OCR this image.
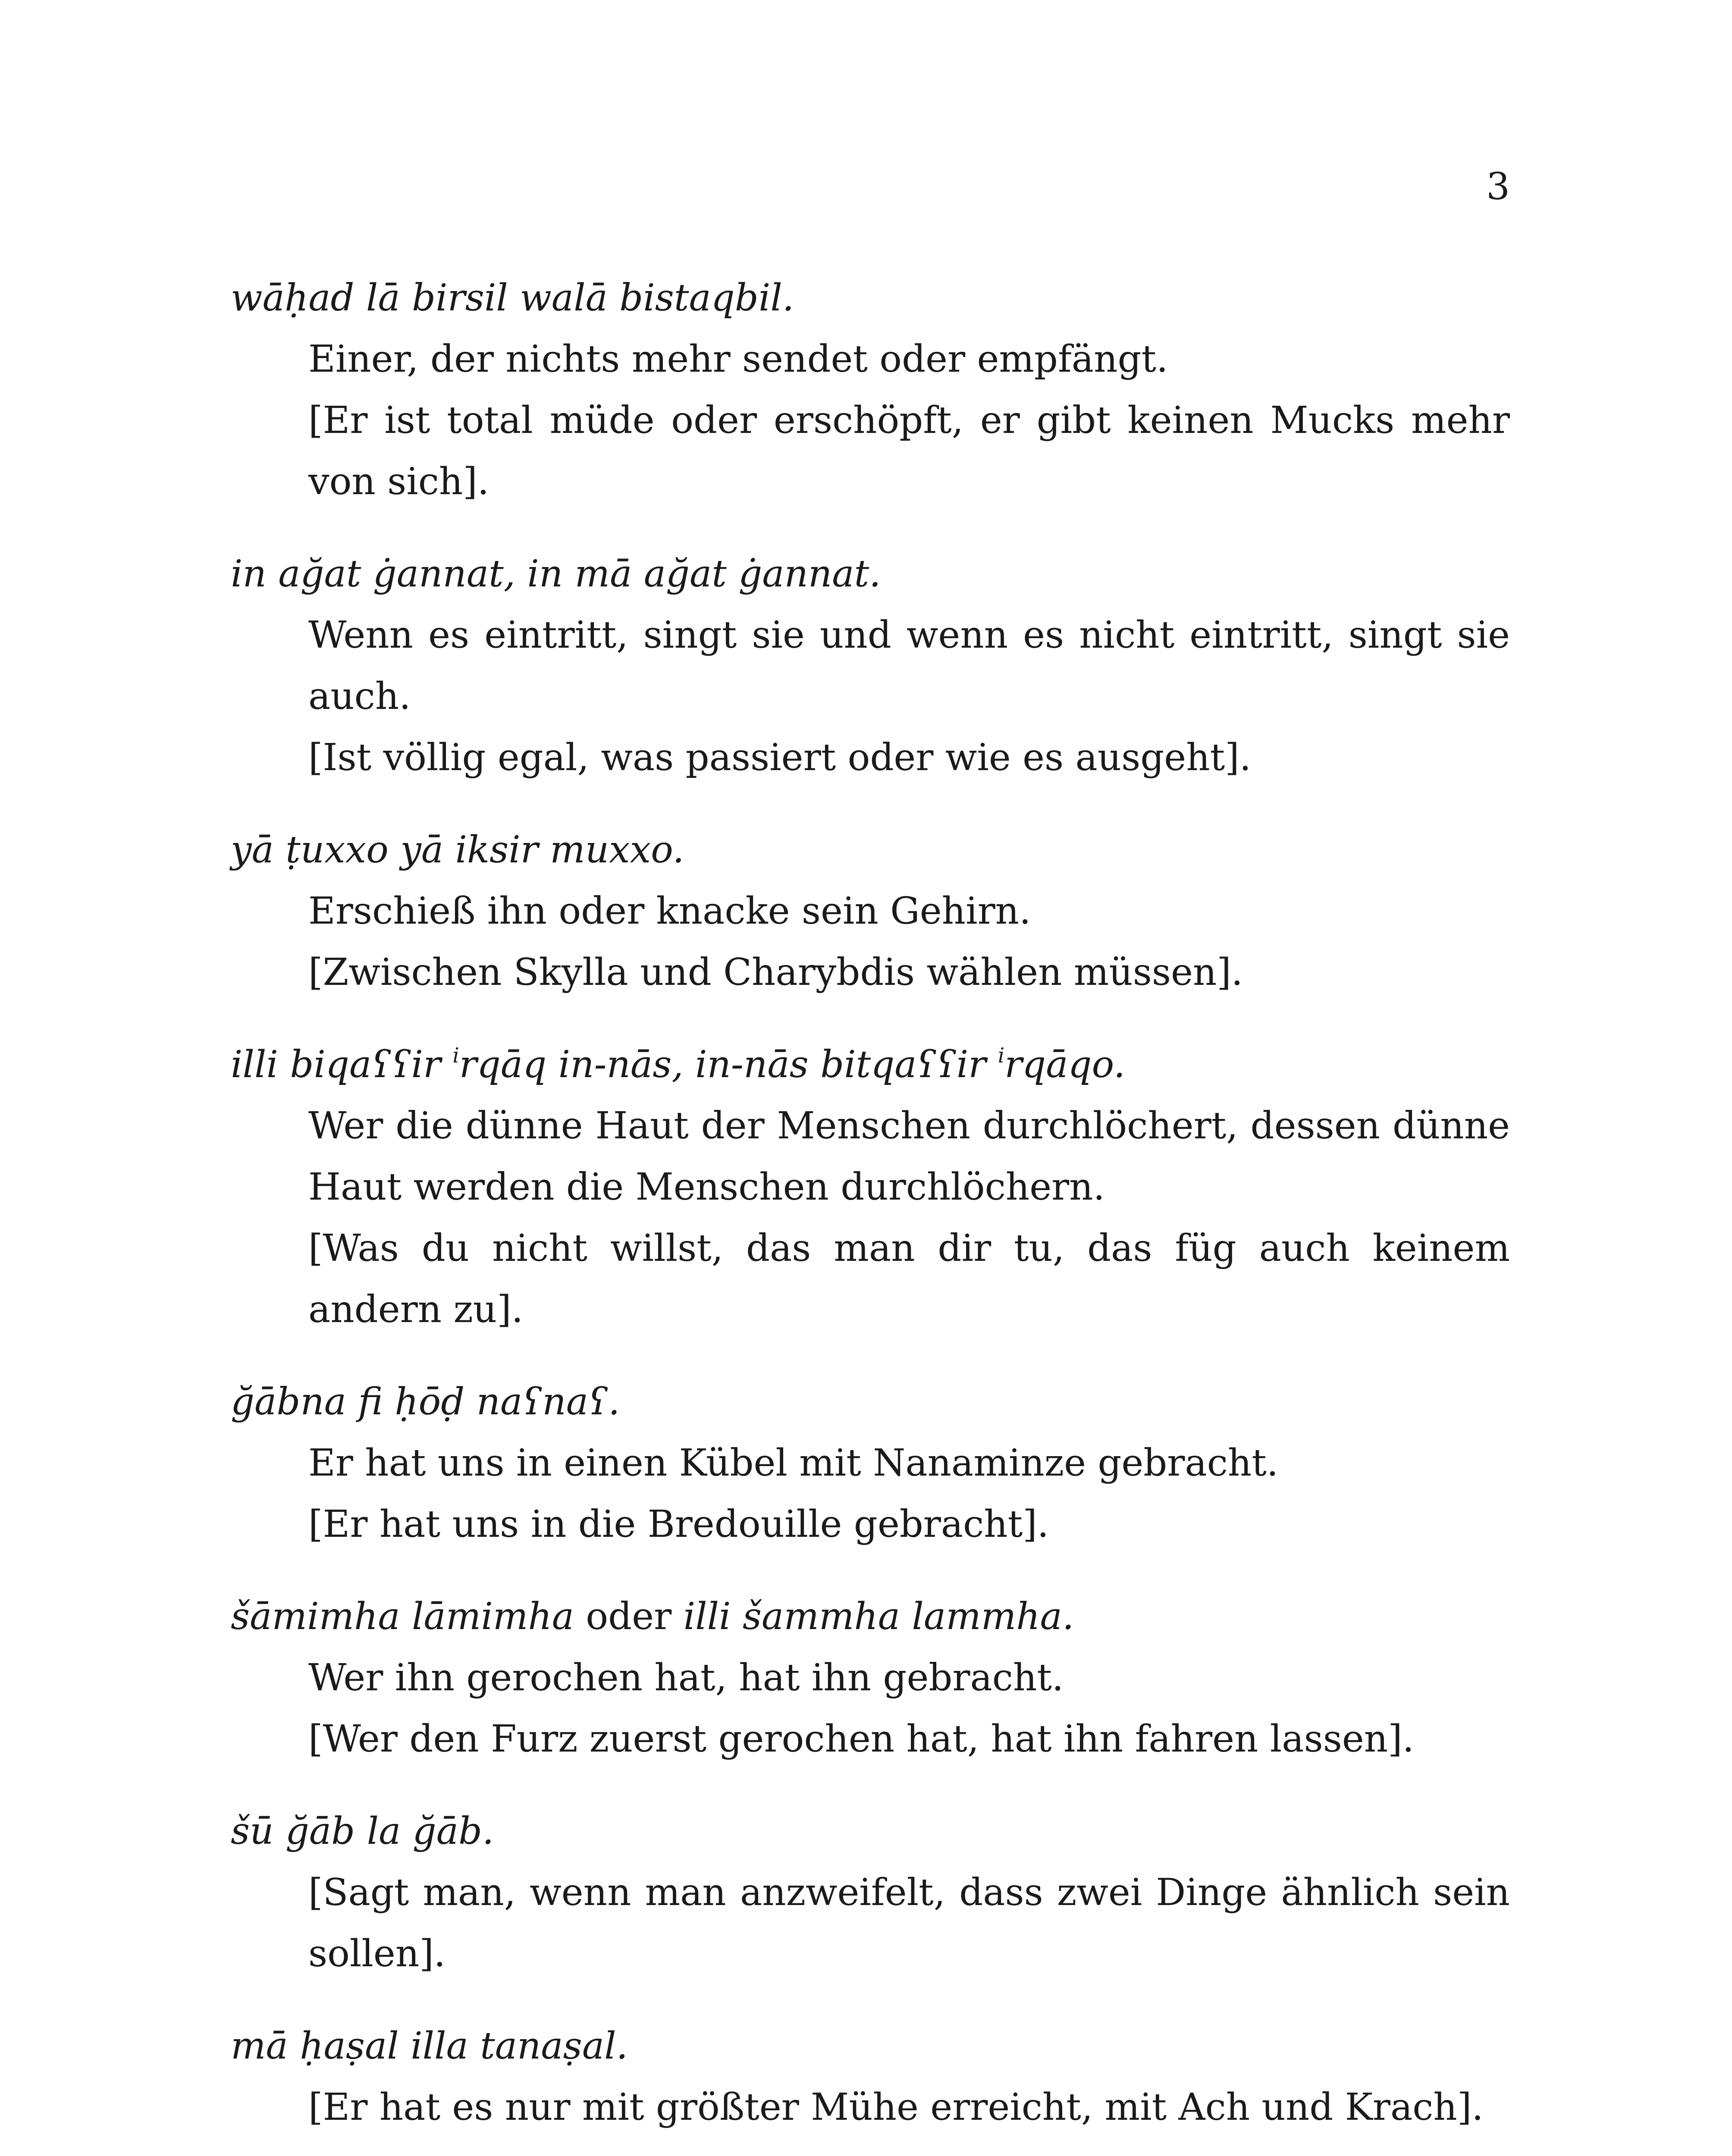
3

wāḥad lā birsil walā bistaqbil.

Einer, der nichts mehr sendet oder empfängt.

[Er ist total müde oder erschöpft, er gibt keinen Mucks mehr von sich].

in ağat ġannat, in mā ağat ġannat.

Wenn es eintritt, singt sie und wenn es nicht eintritt, singt sie auch.

[Ist völlig egal, was passiert oder wie es ausgeht].

yā ṭuxxo yā iksir muxxo.

Erschieß ihn oder knacke sein Gehirn.

[Zwischen Skylla und Charybdis wählen müssen].

illi biqaʕʕir $^i$rqāq in-nās, in-nās bitqaʕʕir $^i$rqāqo.

Wer die dünne Haut der Menschen durchlöchert, dessen dünne Haut werden die Menschen durchlöchern.

[Was du nicht willst, das man dir tu, das füg auch keinem andern zu].

ğābna fi ḥōḍ naʕnaʕ.

Er hat uns in einen Kübel mit Nanaminze gebracht.

[Er hat uns in die Bredouille gebracht].

šāmimha lāmimha oder illi šammha lammha.

Wer ihn gerochen hat, hat ihn gebracht.

[Wer den Furz zuerst gerochen hat, hat ihn fahren lassen].

šū ğāb la ğāb.

[Sagt man, wenn man anzweifelt, dass zwei Dinge ähnlich sein sollen].

mā ḥaṣal illa tanaṣal.

[Er hat es nur mit größter Mühe erreicht, mit Ach und Krach].
